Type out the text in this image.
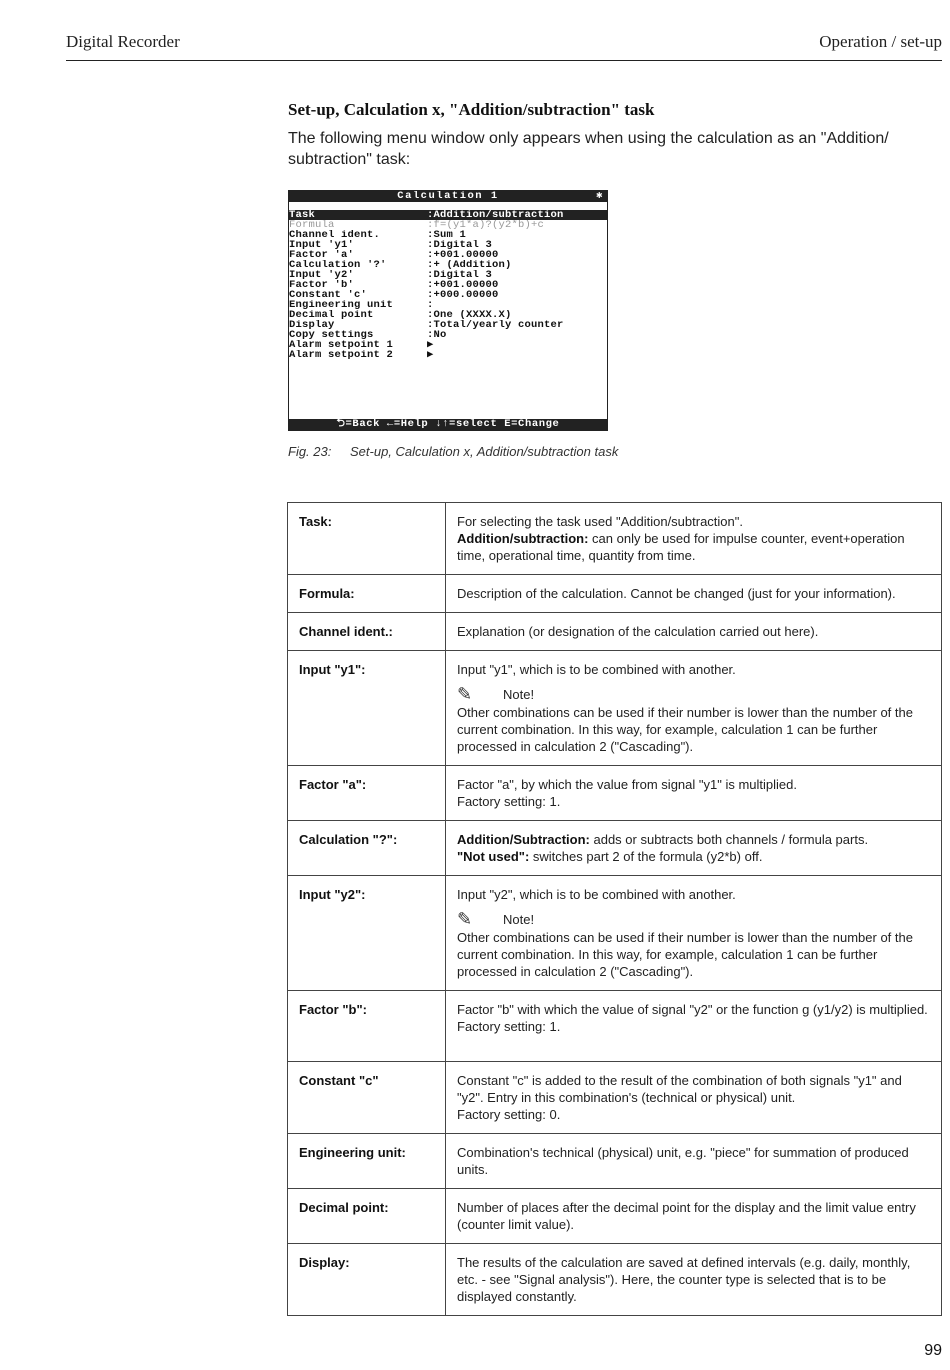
Digital Recorder	Operation / set-up
Set-up, Calculation x, "Addition/subtraction" task
The following menu window only appears when using the calculation as an "Addition/ subtraction" task:
Calculation 1	✱
Task	:Addition/subtraction
Formula	:f=(y1*a)?(y2*b)+c
Channel ident.	:Sum 1
Input 'y1'	:Digital 3
Factor 'a'	:+001.00000
Calculation '?'	:+ (Addition)
Input 'y2'	:Digital 3
Factor 'b'	:+001.00000
Constant 'c'	:+000.00000
Engineering unit	:
Decimal point	:One (XXXX.X)
Display	:Total/yearly counter
Copy settings	:No
Alarm setpoint 1	▶
Alarm setpoint 2	▶
⮌=Back ←=Help ↓↑=select E=Change
Fig. 23: Set-up, Calculation x, Addition/subtraction task
Task:	For selecting the task used "Addition/subtraction".
Addition/subtraction: can only be used for impulse counter, event+operation time, operational time, quantity from time.

Formula:	Description of the calculation. Cannot be changed (just for your information).
Channel ident.:	Explanation (or designation of the calculation carried out here).
Input "y1":	Input "y1", which is to be combined with another.
✎ Note!
Other combinations can be used if their number is lower than the number of the current combination. In this way, for example, calculation 1 can be further processed in calculation 2 ("Cascading").

Factor "a":	Factor "a", by which the value from signal "y1" is multiplied.
Factory setting: 1.

Calculation "?":	Addition/Subtraction: adds or subtracts both channels / formula parts.
"Not used": switches part 2 of the formula (y2*b) off.

Input "y2":	Input "y2", which is to be combined with another.
✎ Note!
Other combinations can be used if their number is lower than the number of the current combination. In this way, for example, calculation 1 can be further processed in calculation 2 ("Cascading").

Factor "b":	Factor "b" with which the value of signal "y2" or the function g (y1/y2) is multiplied.
Factory setting: 1.

Constant "c"	Constant "c" is added to the result of the combination of both signals "y1" and "y2". Entry in this combination's (technical or physical) unit.
Factory setting: 0.

Engineering unit:	Combination's technical (physical) unit, e.g. "piece" for summation of produced units.
Decimal point:	Number of places after the decimal point for the display and the limit value entry (counter limit value).
Display:	The results of the calculation are saved at defined intervals (e.g. daily, monthly, etc. - see "Signal analysis"). Here, the counter type is selected that is to be displayed constantly.
99
